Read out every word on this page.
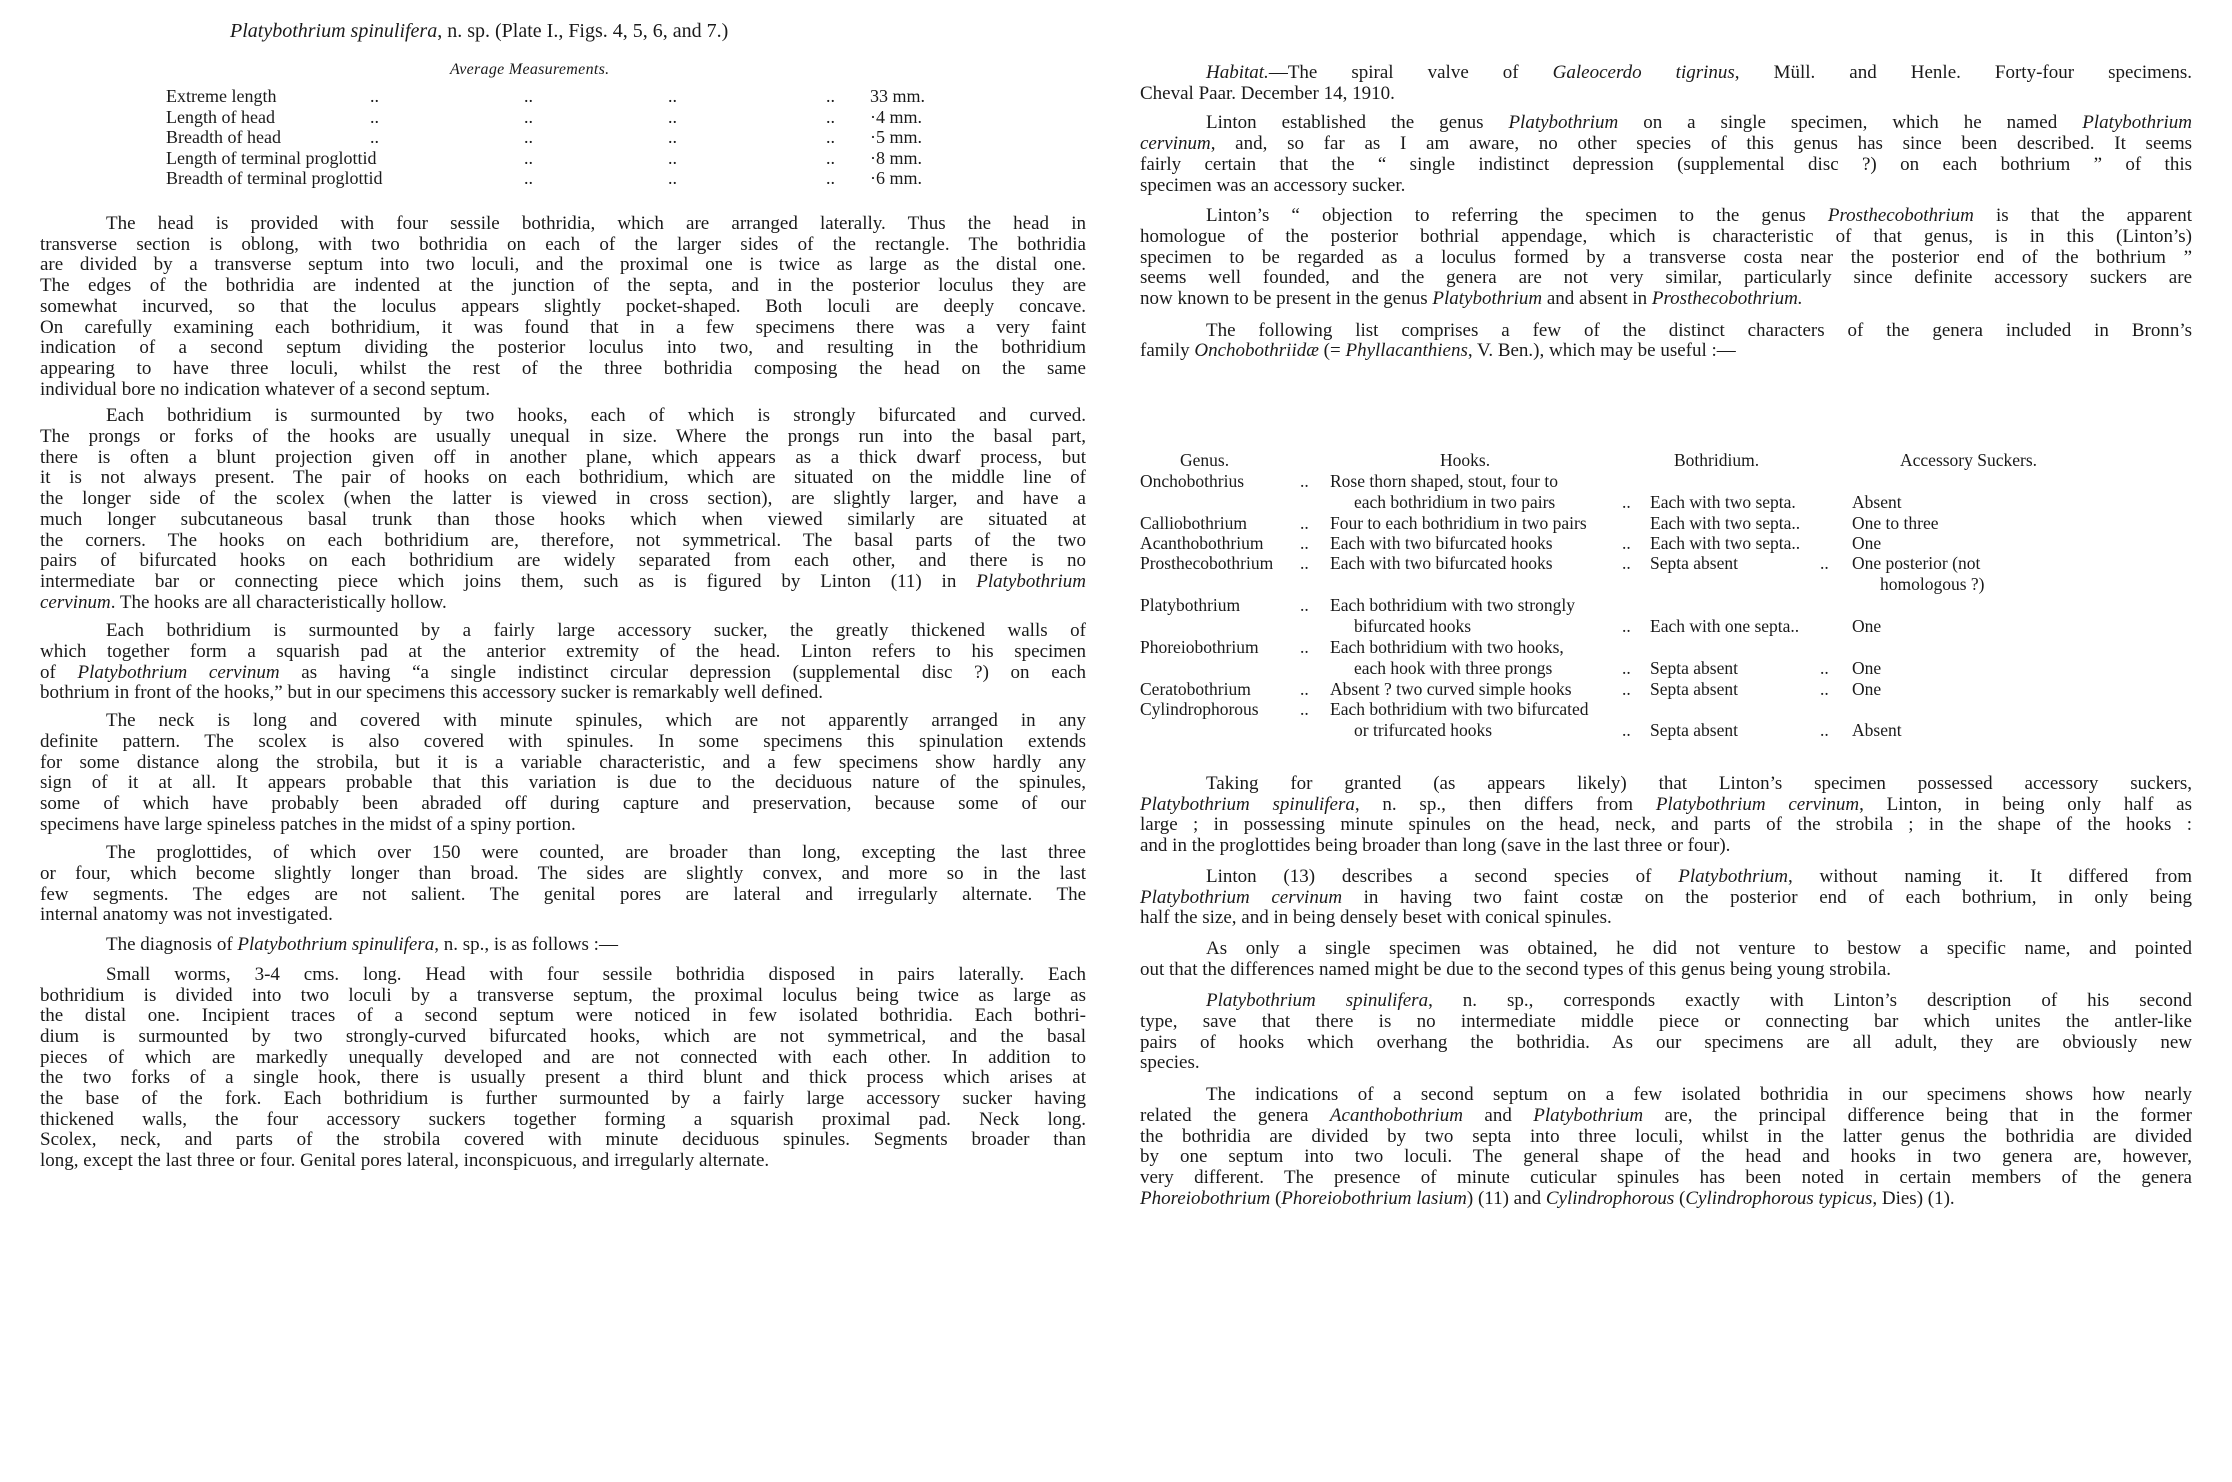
Platybothrium spinulifera, n. sp. (Plate I., Figs. 4, 5, 6, and 7.)
Average Measurements.
Extreme length	..	..	..	.. 33 mm.
Length of head	..	..	..	.. ·4 mm.
Breadth of head	..	..	..	.. ·5 mm.
Length of terminal proglottid	..	..	.. ·8 mm.
Breadth of terminal proglottid	..	..	.. ·6 mm.
The head is provided with four sessile bothridia, which are arranged laterally. Thus the head in
transverse section is oblong, with two bothridia on each of the larger sides of the rectangle. The bothridia
are divided by a transverse septum into two loculi, and the proximal one is twice as large as the distal one.
The edges of the bothridia are indented at the junction of the septa, and in the posterior loculus they are
somewhat incurved, so that the loculus appears slightly pocket-shaped. Both loculi are deeply concave.
On carefully examining each bothridium, it was found that in a few specimens there was a very faint
indication of a second septum dividing the posterior loculus into two, and resulting in the bothridium
appearing to have three loculi, whilst the rest of the three bothridia composing the head on the same
individual bore no indication whatever of a second septum.
Each bothridium is surmounted by two hooks, each of which is strongly bifurcated and curved.
The prongs or forks of the hooks are usually unequal in size. Where the prongs run into the basal part,
there is often a blunt projection given off in another plane, which appears as a thick dwarf process, but
it is not always present. The pair of hooks on each bothridium, which are situated on the middle line of
the longer side of the scolex (when the latter is viewed in cross section), are slightly larger, and have a
much longer subcutaneous basal trunk than those hooks which when viewed similarly are situated at
the corners. The hooks on each bothridium are, therefore, not symmetrical. The basal parts of the two
pairs of bifurcated hooks on each bothridium are widely separated from each other, and there is no
intermediate bar or connecting piece which joins them, such as is figured by Linton (11) in Platybothrium
cervinum. The hooks are all characteristically hollow.
Each bothridium is surmounted by a fairly large accessory sucker, the greatly thickened walls of
which together form a squarish pad at the anterior extremity of the head. Linton refers to his specimen
of Platybothrium cervinum as having “a single indistinct circular depression (supplemental disc ?) on each
bothrium in front of the hooks,” but in our specimens this accessory sucker is remarkably well defined.
The neck is long and covered with minute spinules, which are not apparently arranged in any
definite pattern. The scolex is also covered with spinules. In some specimens this spinulation extends
for some distance along the strobila, but it is a variable characteristic, and a few specimens show hardly any
sign of it at all. It appears probable that this variation is due to the deciduous nature of the spinules,
some of which have probably been abraded off during capture and preservation, because some of our
specimens have large spineless patches in the midst of a spiny portion.
The proglottides, of which over 150 were counted, are broader than long, excepting the last three
or four, which become slightly longer than broad. The sides are slightly convex, and more so in the last
few segments. The edges are not salient. The genital pores are lateral and irregularly alternate. The
internal anatomy was not investigated.
The diagnosis of Platybothrium spinulifera, n. sp., is as follows :—
Small worms, 3-4 cms. long. Head with four sessile bothridia disposed in pairs laterally. Each
bothridium is divided into two loculi by a transverse septum, the proximal loculus being twice as large as
the distal one. Incipient traces of a second septum were noticed in few isolated bothridia. Each bothri-
dium is surmounted by two strongly-curved bifurcated hooks, which are not symmetrical, and the basal
pieces of which are markedly unequally developed and are not connected with each other. In addition to
the two forks of a single hook, there is usually present a third blunt and thick process which arises at
the base of the fork. Each bothridium is further surmounted by a fairly large accessory sucker having
thickened walls, the four accessory suckers together forming a squarish proximal pad. Neck long.
Scolex, neck, and parts of the strobila covered with minute deciduous spinules. Segments broader than
long, except the last three or four. Genital pores lateral, inconspicuous, and irregularly alternate.
Habitat.—The spiral valve of Galeocerdo tigrinus, Müll. and Henle. Forty-four specimens.
Cheval Paar. December 14, 1910.
Linton established the genus Platybothrium on a single specimen, which he named Platybothrium
cervinum, and, so far as I am aware, no other species of this genus has since been described. It seems
fairly certain that the “ single indistinct depression (supplemental disc ?) on each bothrium ” of this
specimen was an accessory sucker.
Linton’s “ objection to referring the specimen to the genus Prosthecobothrium is that the apparent
homologue of the posterior bothrial appendage, which is characteristic of that genus, is in this (Linton’s)
specimen to be regarded as a loculus formed by a transverse costa near the posterior end of the bothrium ”
seems well founded, and the genera are not very similar, particularly since definite accessory suckers are
now known to be present in the genus Platybothrium and absent in Prosthecobothrium.
The following list comprises a few of the distinct characters of the genera included in Bronn’s
family Onchobothriidæ (= Phyllacanthiens, V. Ben.), which may be useful :—
Genus.	Hooks.	Bothridium.	Accessory Suckers.
Onchobothrius	.. Rose thorn shaped, stout, four to
each bothridium in two pairs	.. Each with two septa.	Absent
Calliobothrium	.. Four to each bothridium in two pairs	Each with two septa..	One to three
Acanthobothrium .. Each with two bifurcated hooks	.. Each with two septa..	One
Prosthecobothrium .. Each with two bifurcated hooks	.. Septa absent	.. One posterior (not
homologous ?)
Platybothrium	.. Each bothridium with two strongly
bifurcated hooks	.. Each with one septa..	One
Phoreiobothrium .. Each bothridium with two hooks,
each hook with three prongs	.. Septa absent	.. One
Ceratobothrium	.. Absent ? two curved simple hooks	.. Septa absent	.. One
Cylindrophorous .. Each bothridium with two bifurcated
or trifurcated hooks	.. Septa absent	.. Absent
Taking for granted (as appears likely) that Linton’s specimen possessed accessory suckers,
Platybothrium spinulifera, n. sp., then differs from Platybothrium cervinum, Linton, in being only half as
large ; in possessing minute spinules on the head, neck, and parts of the strobila ; in the shape of the hooks :
and in the proglottides being broader than long (save in the last three or four).
Linton (13) describes a second species of Platybothrium, without naming it. It differed from
Platybothrium cervinum in having two faint costæ on the posterior end of each bothrium, in only being
half the size, and in being densely beset with conical spinules.
As only a single specimen was obtained, he did not venture to bestow a specific name, and pointed
out that the differences named might be due to the second types of this genus being young strobila.
Platybothrium spinulifera, n. sp., corresponds exactly with Linton’s description of his second
type, save that there is no intermediate middle piece or connecting bar which unites the antler-like
pairs of hooks which overhang the bothridia. As our specimens are all adult, they are obviously new
species.
The indications of a second septum on a few isolated bothridia in our specimens shows how nearly
related the genera Acanthobothrium and Platybothrium are, the principal difference being that in the former
the bothridia are divided by two septa into three loculi, whilst in the latter genus the bothridia are divided
by one septum into two loculi. The general shape of the head and hooks in two genera are, however,
very different. The presence of minute cuticular spinules has been noted in certain members of the genera
Phoreiobothrium (Phoreiobothrium lasium) (11) and Cylindrophorous (Cylindrophorous typicus, Dies) (1).
